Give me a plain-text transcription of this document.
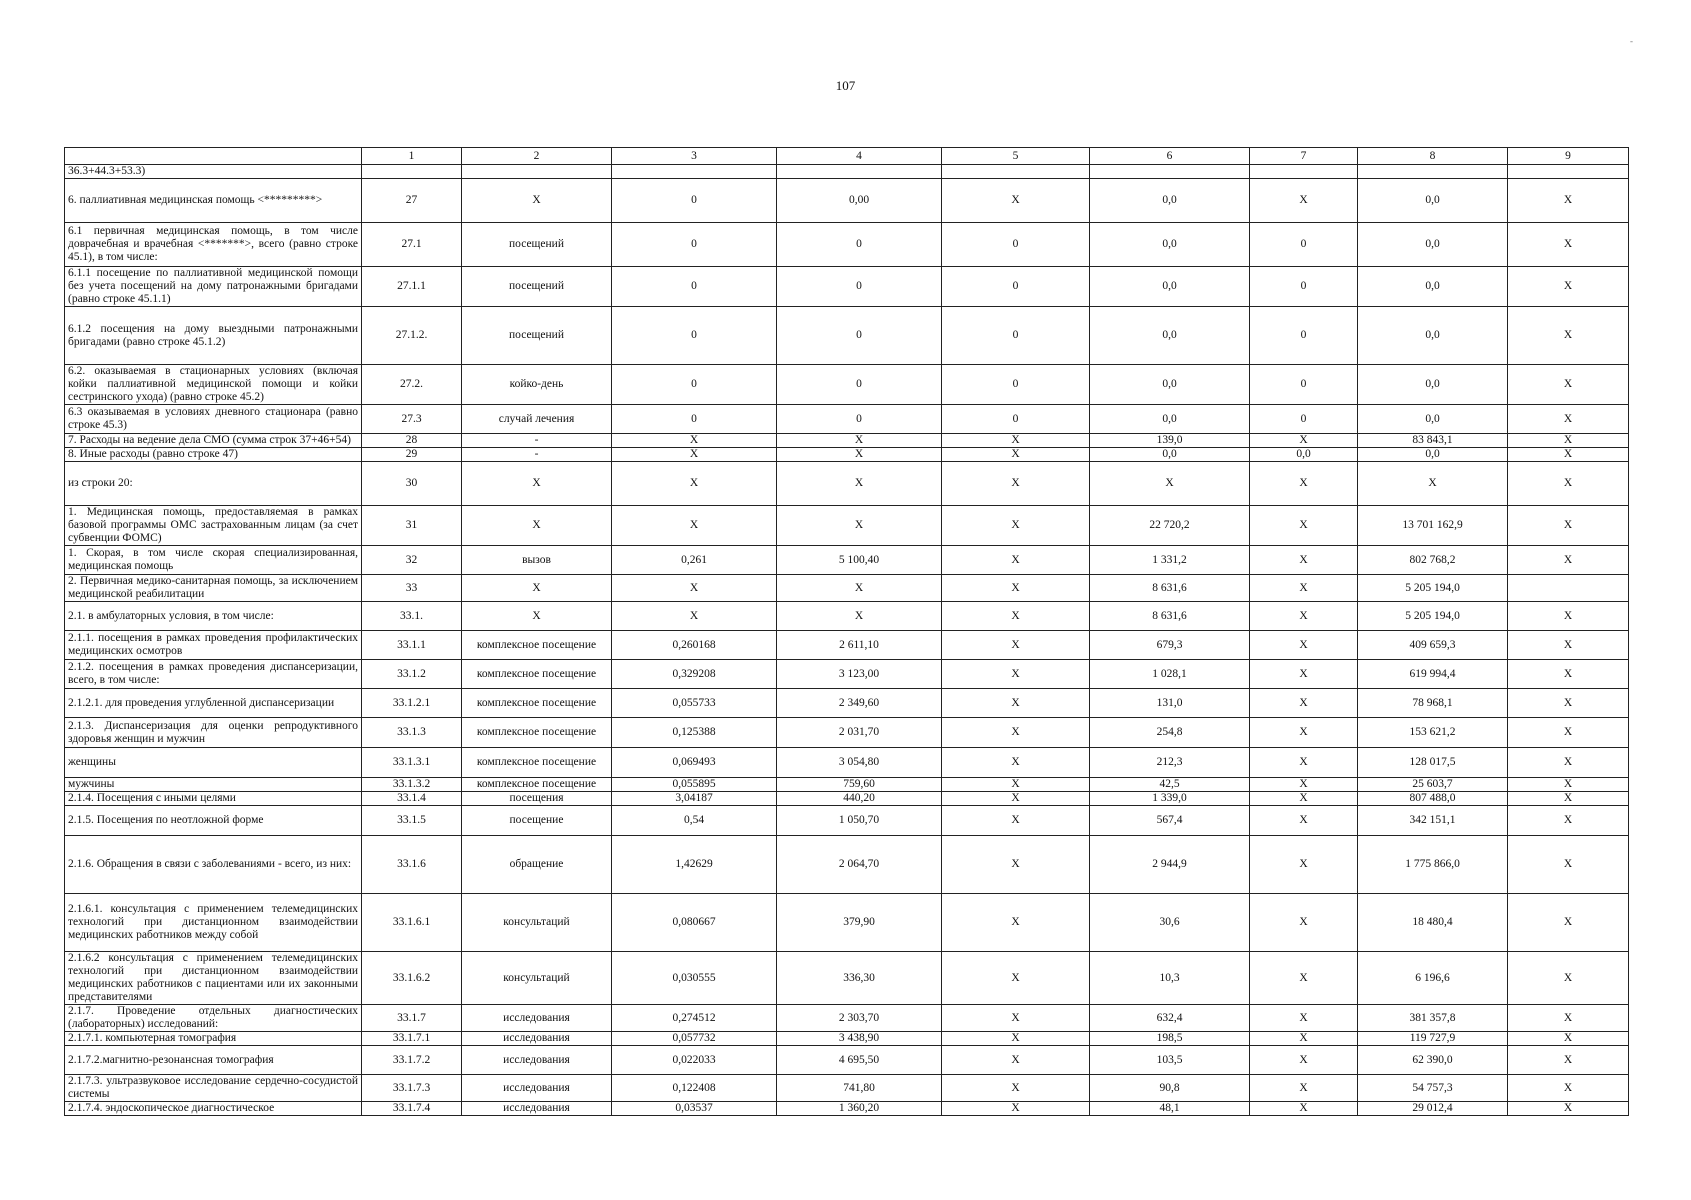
107
-
	1	2	3	4	5	6	7	8	9
36.3+44.3+53.3)									
6. паллиативная медицинская помощь <*********>	27	X	0	0,00	X	0,0	X	0,0	X
6.1 первичная медицинская помощь, в том числе доврачебная и врачебная <*******>, всего (равно строке 45.1), в том числе:	27.1	посещений	0	0	0	0,0	0	0,0	X
6.1.1 посещение по паллиативной медицинской помощи без учета посещений на дому патронажными бригадами (равно строке 45.1.1)	27.1.1	посещений	0	0	0	0,0	0	0,0	X
6.1.2 посещения на дому выездными патронажными бригадами (равно строке 45.1.2)	27.1.2.	посещений	0	0	0	0,0	0	0,0	X
6.2. оказываемая в стационарных условиях (включая койки паллиативной медицинской помощи и койки сестринского ухода) (равно строке 45.2)	27.2.	койко-день	0	0	0	0,0	0	0,0	X
6.3 оказываемая в условиях дневного стационара (равно строке 45.3)	27.3	случай лечения	0	0	0	0,0	0	0,0	X
7. Расходы на ведение дела СМО (сумма строк 37+46+54)	28	-	X	X	X	139,0	X	83 843,1	X
8. Иные расходы (равно строке 47)	29	-	X	X	X	0,0	0,0	0,0	X
из строки 20:	30	X	X	X	X	X	X	X	X
1. Медицинская помощь, предоставляемая в рамках базовой программы ОМС застрахованным лицам (за счет субвенции ФОМС)	31	X	X	X	X	22 720,2	X	13 701 162,9	X
1. Скорая, в том числе скорая специализированная, медицинская помощь	32	вызов	0,261	5 100,40	X	1 331,2	X	802 768,2	X
2. Первичная медико-санитарная помощь, за исключением медицинской реабилитации	33	X	X	X	X	8 631,6	X	5 205 194,0	
2.1. в амбулаторных условия, в том числе:	33.1.	X	X	X	X	8 631,6	X	5 205 194,0	X
2.1.1. посещения в рамках проведения профилактических медицинских осмотров	33.1.1	комплексное посещение	0,260168	2 611,10	X	679,3	X	409 659,3	X
2.1.2. посещения в рамках проведения диспансеризации, всего, в том числе:	33.1.2	комплексное посещение	0,329208	3 123,00	X	1 028,1	X	619 994,4	X
2.1.2.1. для проведения углубленной диспансеризации	33.1.2.1	комплексное посещение	0,055733	2 349,60	X	131,0	X	78 968,1	X
2.1.3. Диспансеризация для оценки репродуктивного здоровья женщин и мужчин	33.1.3	комплексное посещение	0,125388	2 031,70	X	254,8	X	153 621,2	X
женщины	33.1.3.1	комплексное посещение	0,069493	3 054,80	X	212,3	X	128 017,5	X
мужчины	33.1.3.2	комплексное посещение	0,055895	759,60	X	42,5	X	25 603,7	X
2.1.4. Посещения с иными целями	33.1.4	посещения	3,04187	440,20	X	1 339,0	X	807 488,0	X
2.1.5. Посещения по неотложной форме	33.1.5	посещение	0,54	1 050,70	X	567,4	X	342 151,1	X
2.1.6. Обращения в связи с заболеваниями - всего, из них:	33.1.6	обращение	1,42629	2 064,70	X	2 944,9	X	1 775 866,0	X
2.1.6.1. консультация с применением телемедицинских технологий при дистанционном взаимодействии медицинских работников между собой	33.1.6.1	консультаций	0,080667	379,90	X	30,6	X	18 480,4	X
2.1.6.2 консультация с применением телемедицинских технологий при дистанционном взаимодействии медицинских работников с пациентами или их законными представителями	33.1.6.2	консультаций	0,030555	336,30	X	10,3	X	6 196,6	X
2.1.7. Проведение отдельных диагностических (лабораторных) исследований:	33.1.7	исследования	0,274512	2 303,70	X	632,4	X	381 357,8	X
2.1.7.1. компьютерная томография	33.1.7.1	исследования	0,057732	3 438,90	X	198,5	X	119 727,9	X
2.1.7.2.магнитно-резонансная томография	33.1.7.2	исследования	0,022033	4 695,50	X	103,5	X	62 390,0	X
2.1.7.3. ультразвуковое исследование сердечно-сосудистой системы	33.1.7.3	исследования	0,122408	741,80	X	90,8	X	54 757,3	X
2.1.7.4. эндоскопическое диагностическое	33.1.7.4	исследования	0,03537	1 360,20	X	48,1	X	29 012,4	X
